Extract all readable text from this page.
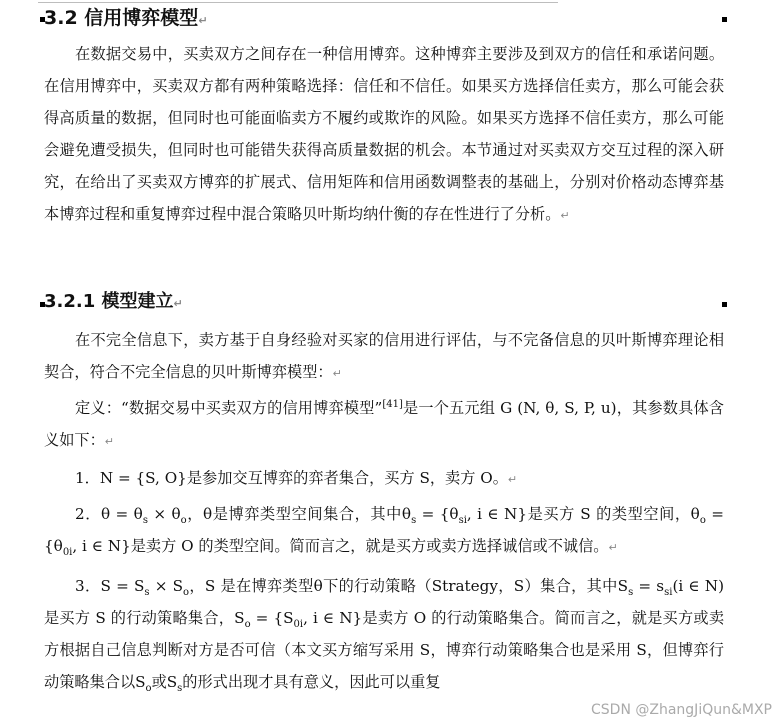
3.2 信用博弈模型↵

在数据交易中，买卖双方之间存在一种信用博弈。这种博弈主要涉及到双方的信任和承诺问题。在信用博弈中，买卖双方都有两种策略选择：信任和不信任。如果买方选择信任卖方，那么可能会获得高质量的数据，但同时也可能面临卖方不履约或欺诈的风险。如果买方选择不信任卖方，那么可能会避免遭受损失，但同时也可能错失获得高质量数据的机会。本节通过对买卖双方交互过程的深入研究，在给出了买卖双方博弈的扩展式、信用矩阵和信用函数调整表的基础上，分别对价格动态博弈基本博弈过程和重复博弈过程中混合策略贝叶斯均纳什衡的存在性进行了分析。↵

3.2.1 模型建立↵

在不完全信息下，卖方基于自身经验对买家的信用进行评估，与不完备信息的贝叶斯博弈理论相契合，符合不完全信息的贝叶斯博弈模型：↵

定义：“数据交易中买卖双方的信用博弈模型”[41]是一个五元组 G (N, θ, S, P, u)，其参数具体含义如下：↵

1．N = {S, O}是参加交互博弈的弈者集合，买方 S，卖方 O。↵

2．$\theta = \theta_s \times \theta_o$，θ是博弈类型空间集合，其中$\theta_s = \{\theta_{si}$, i ∈ N}是买方 S 的类型空间，$\theta_o = \{\theta_{0i}$, i ∈ N}是卖方 O 的类型空间。简而言之，就是买方或卖方选择诚信或不诚信。↵

3．$S = S_s \times S_o$，S 是在博弈类型θ下的行动策略（Strategy，S）集合，其中$S_s = s_{si}(i$ ∈ N)是买方 S 的行动策略集合，$S_o = \{S_{0i}$, i ∈ N}是卖方 O 的行动策略集合。简而言之，就是买方或卖方根据自己信息判断对方是否可信（本文买方缩写采用 S，博弈行动策略集合也是采用 S，但博弈行动策略集合以$S_o$或$S_s$的形式出现才具有意义，因此可以重复

CSDN @ZhangJiQun&MXP
